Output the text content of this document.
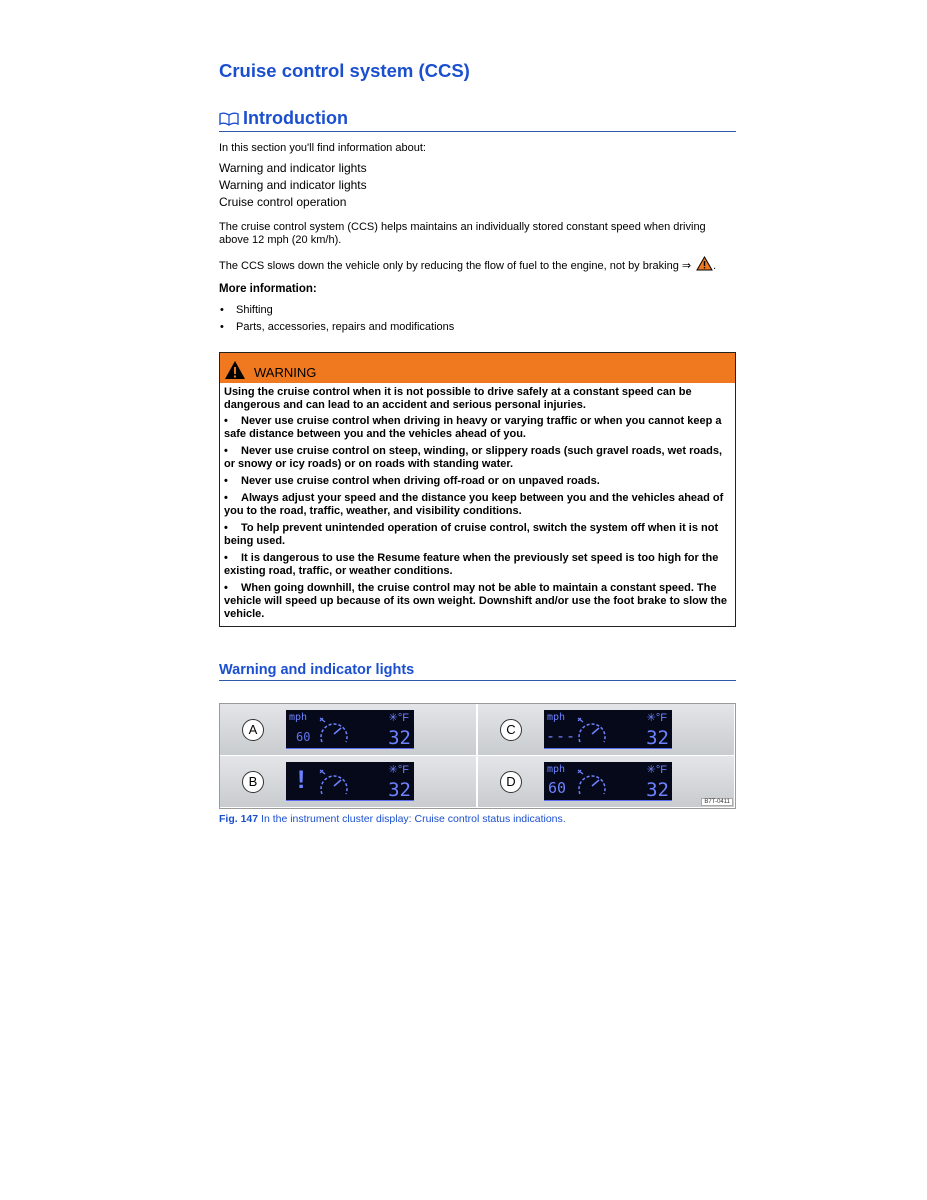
Cruise control system (CCS)
Introduction
In this section you'll find information about:
Warning and indicator lights
Warning and indicator lights
Cruise control operation

The cruise control system (CCS) helps maintains an individually stored constant speed when driving above 12 mph (20 km/h).

The CCS slows down the vehicle only by reducing the flow of fuel to the engine, not by braking ⇒ .

More information:
• Shifting
• Parts, accessories, repairs and modifications
WARNING

Using the cruise control when it is not possible to drive safely at a constant speed can be dangerous and can lead to an accident and serious personal injuries.

• Never use cruise control when driving in heavy or varying traffic or when you cannot keep a safe distance between you and the vehicles ahead of you.
• Never use cruise control on steep, winding, or slippery roads (such gravel roads, wet roads, or snowy or icy roads) or on roads with standing water.
• Never use cruise control when driving off-road or on unpaved roads.
• Always adjust your speed and the distance you keep between you and the vehicles ahead of you to the road, traffic, weather, and visibility conditions.
• To help prevent unintended operation of cruise control, switch the system off when it is not being used.
• It is dangerous to use the Resume feature when the previously set speed is too high for the existing road, traffic, or weather conditions.
• When going downhill, the cruise control may not be able to maintain a constant speed. The vehicle will speed up because of its own weight. Downshift and/or use the foot brake to slow the vehicle.
Warning and indicator lights
A
mph
60
✳°F
32	C
mph
---
✳°F
32
B !	✳°F
32	D
mph
60
✳°F
32
B7T-0411
Fig. 147 In the instrument cluster display: Cruise control status indications.
